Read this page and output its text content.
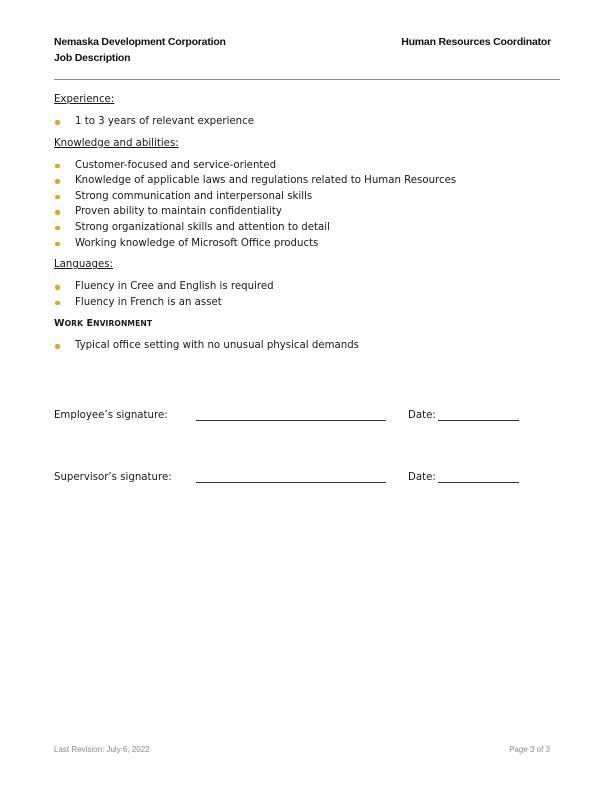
Nemaska Development Corporation
Job Description
Human Resources Coordinator

Experience:

1 to 3 years of relevant experience

Knowledge and abilities:

Customer-focused and service-oriented
Knowledge of applicable laws and regulations related to Human Resources
Strong communication and interpersonal skills
Proven ability to maintain confidentiality
Strong organizational skills and attention to detail
Working knowledge of Microsoft Office products

Languages:

Fluency in Cree and English is required
Fluency in French is an asset

WORK ENVIRONMENT

Typical office setting with no unusual physical demands
Employee’s signature:	Date:
Supervisor’s signature:	Date:
Last Revision: July 6, 2022	Page 3 of 3
